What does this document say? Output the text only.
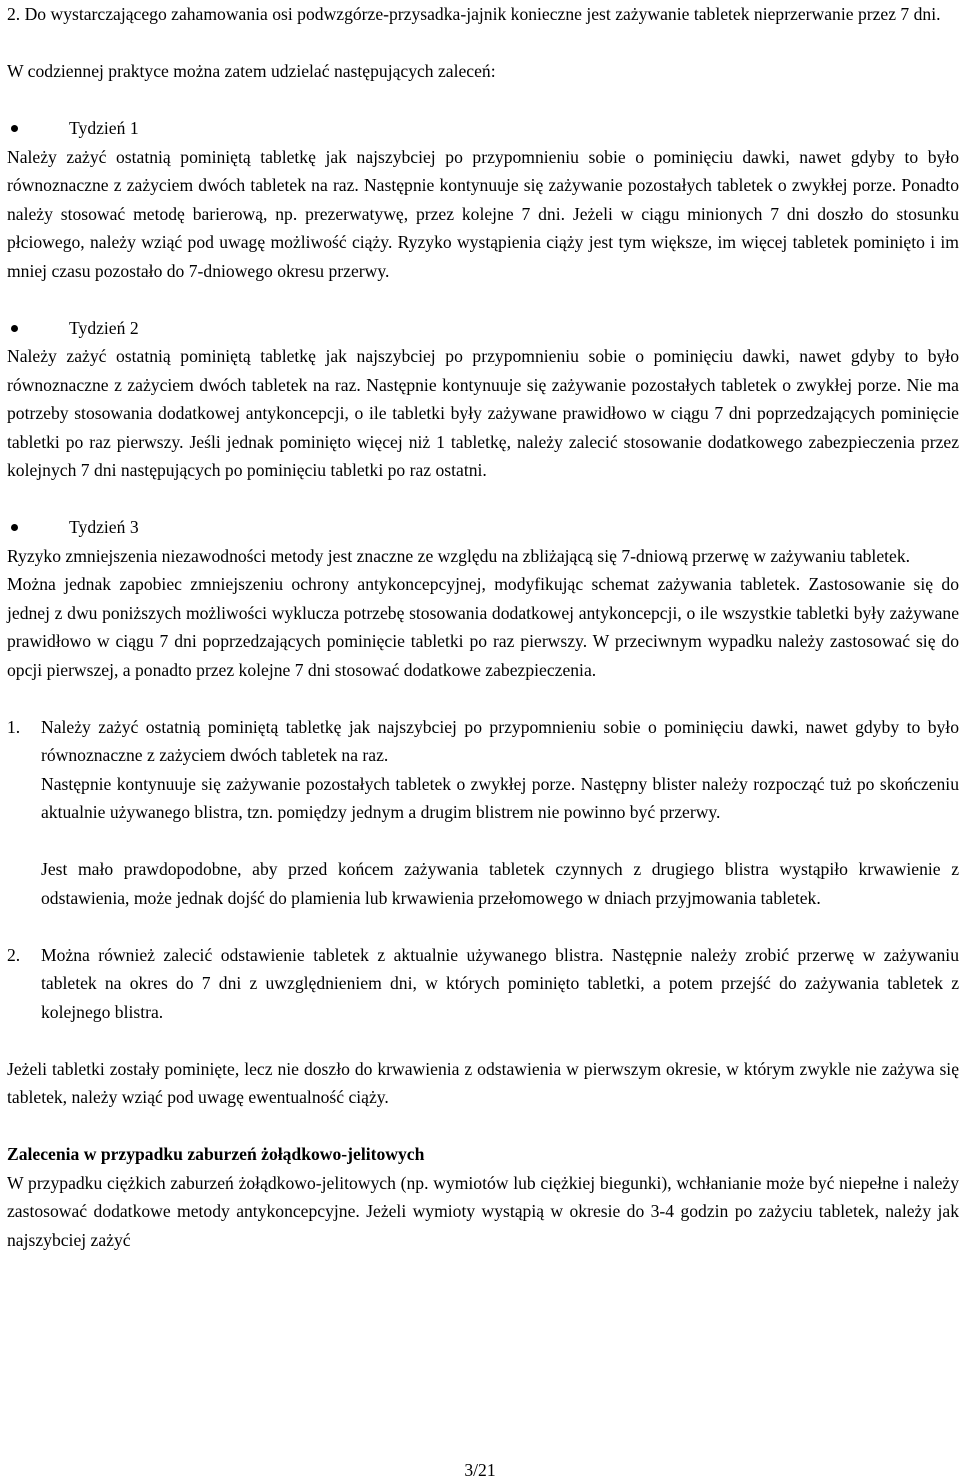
2. Do wystarczającego zahamowania osi podwzgórze-przysadka-jajnik konieczne jest zażywanie tabletek nieprzerwanie przez 7 dni.

W codziennej praktyce można zatem udzielać następujących zaleceń:

Tydzień 1

Należy zażyć ostatnią pominiętą tabletkę jak najszybciej po przypomnieniu sobie o pominięciu dawki, nawet gdyby to było równoznaczne z zażyciem dwóch tabletek na raz. Następnie kontynuuje się zażywanie pozostałych tabletek o zwykłej porze. Ponadto należy stosować metodę barierową, np. prezerwatywę, przez kolejne 7 dni. Jeżeli w ciągu minionych 7 dni doszło do stosunku płciowego, należy wziąć pod uwagę możliwość ciąży. Ryzyko wystąpienia ciąży jest tym większe, im więcej tabletek pominięto i im mniej czasu pozostało do 7-dniowego okresu przerwy.

Tydzień 2

Należy zażyć ostatnią pominiętą tabletkę jak najszybciej po przypomnieniu sobie o pominięciu dawki, nawet gdyby to było równoznaczne z zażyciem dwóch tabletek na raz. Następnie kontynuuje się zażywanie pozostałych tabletek o zwykłej porze. Nie ma potrzeby stosowania dodatkowej antykoncepcji, o ile tabletki były zażywane prawidłowo w ciągu 7 dni poprzedzających pominięcie tabletki po raz pierwszy. Jeśli jednak pominięto więcej niż 1 tabletkę, należy zalecić stosowanie dodatkowego zabezpieczenia przez kolejnych 7 dni następujących po pominięciu tabletki po raz ostatni.

Tydzień 3

Ryzyko zmniejszenia niezawodności metody jest znaczne ze względu na zbliżającą się 7-dniową przerwę w zażywaniu tabletek.

Można jednak zapobiec zmniejszeniu ochrony antykoncepcyjnej, modyfikując schemat zażywania tabletek. Zastosowanie się do jednej z dwu poniższych możliwości wyklucza potrzebę stosowania dodatkowej antykoncepcji, o ile wszystkie tabletki były zażywane prawidłowo w ciągu 7 dni poprzedzających pominięcie tabletki po raz pierwszy. W przeciwnym wypadku należy zastosować się do opcji pierwszej, a ponadto przez kolejne 7 dni stosować dodatkowe zabezpieczenia.

1. Należy zażyć ostatnią pominiętą tabletkę jak najszybciej po przypomnieniu sobie o pominięciu dawki, nawet gdyby to było równoznaczne z zażyciem dwóch tabletek na raz.

Następnie kontynuuje się zażywanie pozostałych tabletek o zwykłej porze. Następny blister należy rozpocząć tuż po skończeniu aktualnie używanego blistra, tzn. pomiędzy jednym a drugim blistrem nie powinno być przerwy.

Jest mało prawdopodobne, aby przed końcem zażywania tabletek czynnych z drugiego blistra wystąpiło krwawienie z odstawienia, może jednak dojść do plamienia lub krwawienia przełomowego w dniach przyjmowania tabletek.

2. Można również zalecić odstawienie tabletek z aktualnie używanego blistra. Następnie należy zrobić przerwę w zażywaniu tabletek na okres do 7 dni z uwzględnieniem dni, w których pominięto tabletki, a potem przejść do zażywania tabletek z kolejnego blistra.

Jeżeli tabletki zostały pominięte, lecz nie doszło do krwawienia z odstawienia w pierwszym okresie, w którym zwykle nie zażywa się tabletek, należy wziąć pod uwagę ewentualność ciąży.

Zalecenia w przypadku zaburzeń żołądkowo-jelitowych

W przypadku ciężkich zaburzeń żołądkowo-jelitowych (np. wymiotów lub ciężkiej biegunki), wchłanianie może być niepełne i należy zastosować dodatkowe metody antykoncepcyjne. Jeżeli wymioty wystąpią w okresie do 3-4 godzin po zażyciu tabletek, należy jak najszybciej zażyć

3/21
